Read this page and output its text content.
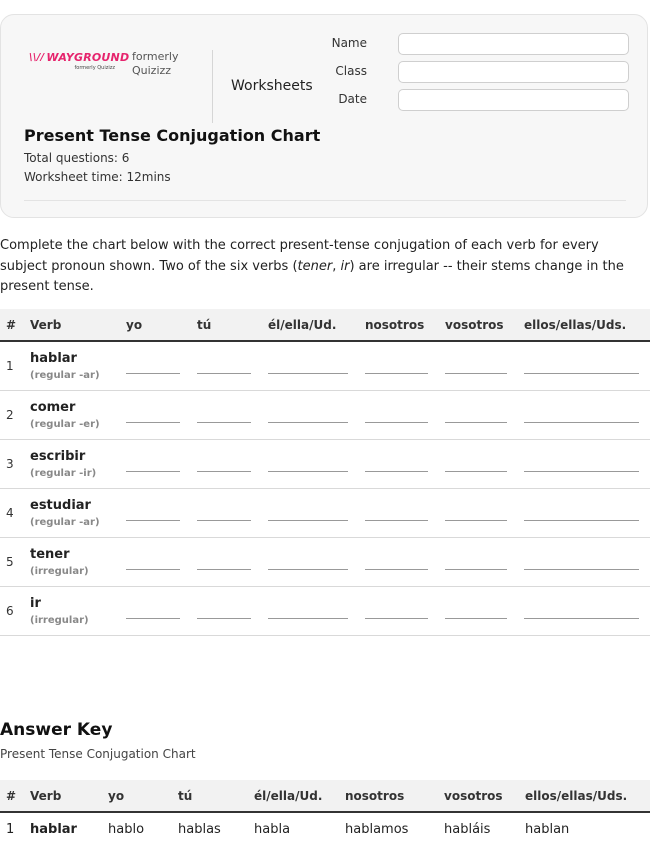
\\// WAYGROUND
formerly Quizizz
formerly Quizizz
Worksheets
Name
Class
Date
Present Tense Conjugation Chart
Total questions: 6
Worksheet time: 12mins
Complete the chart below with the correct present-tense conjugation of each verb for every subject pronoun shown. Two of the six verbs (tener, ir) are irregular -- their stems change in the present tense.
#	Verb	yo	tú	él/ella/Ud.	nosotros	vosotros	ellos/ellas/Uds.
1	hablar
(regular -ar)						

2	comer
(regular -er)						

3	escribir
(regular -ir)						

4	estudiar
(regular -ar)						

5	tener
(irregular)						

6	ir
(irregular)						

Answer Key
Present Tense Conjugation Chart
#	Verb	yo	tú	él/ella/Ud.	nosotros	vosotros	ellos/ellas/Uds.
1	hablar	hablo	hablas	habla	hablamos	habláis	hablan
